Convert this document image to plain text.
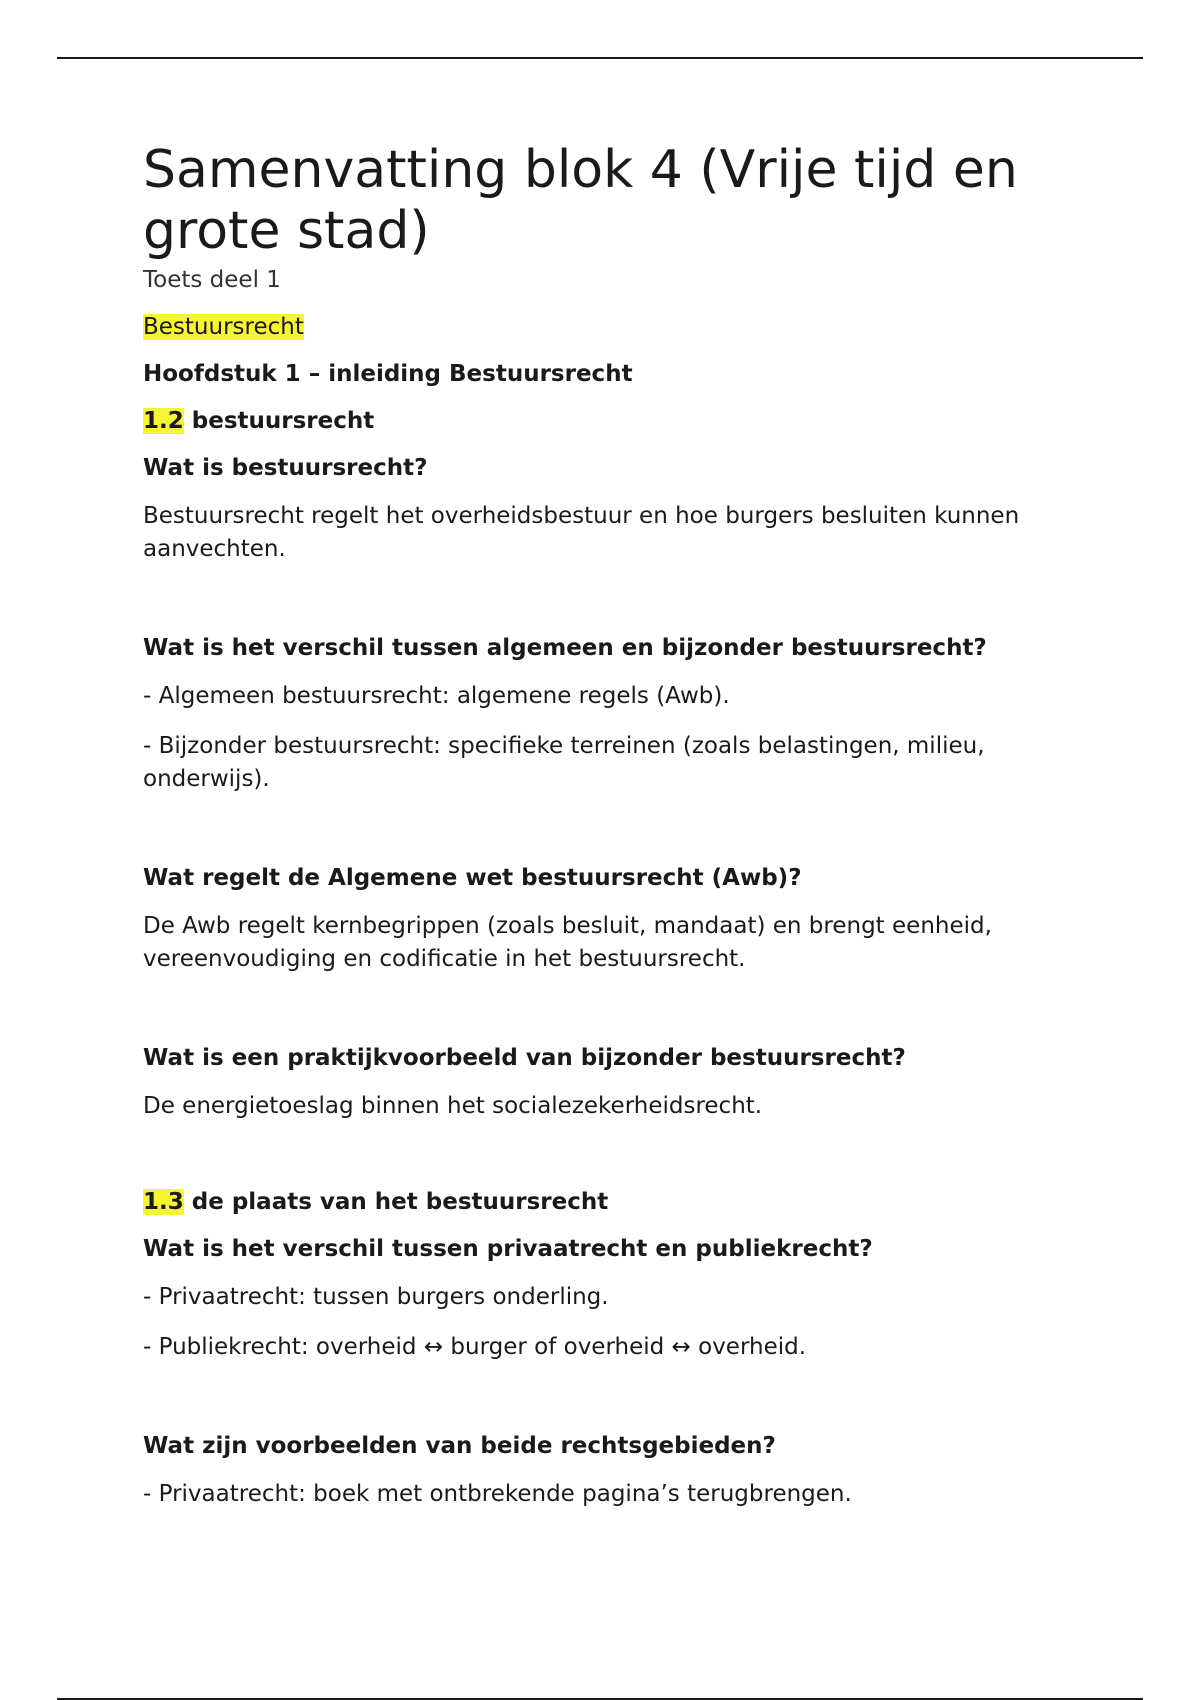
Samenvatting blok 4 (Vrije tijd en grote stad)

Toets deel 1

Bestuursrecht

Hoofdstuk 1 – inleiding Bestuursrecht

1.2 bestuursrecht

Wat is bestuursrecht?

Bestuursrecht regelt het overheidsbestuur en hoe burgers besluiten kunnen aanvechten.

Wat is het verschil tussen algemeen en bijzonder bestuursrecht?

- Algemeen bestuursrecht: algemene regels (Awb).

- Bijzonder bestuursrecht: specifieke terreinen (zoals belastingen, milieu, onderwijs).

Wat regelt de Algemene wet bestuursrecht (Awb)?

De Awb regelt kernbegrippen (zoals besluit, mandaat) en brengt eenheid, vereenvoudiging en codificatie in het bestuursrecht.

Wat is een praktijkvoorbeeld van bijzonder bestuursrecht?

De energietoeslag binnen het socialezekerheidsrecht.

1.3 de plaats van het bestuursrecht

Wat is het verschil tussen privaatrecht en publiekrecht?

- Privaatrecht: tussen burgers onderling.

- Publiekrecht: overheid ↔ burger of overheid ↔ overheid.

Wat zijn voorbeelden van beide rechtsgebieden?

- Privaatrecht: boek met ontbrekende pagina’s terugbrengen.
